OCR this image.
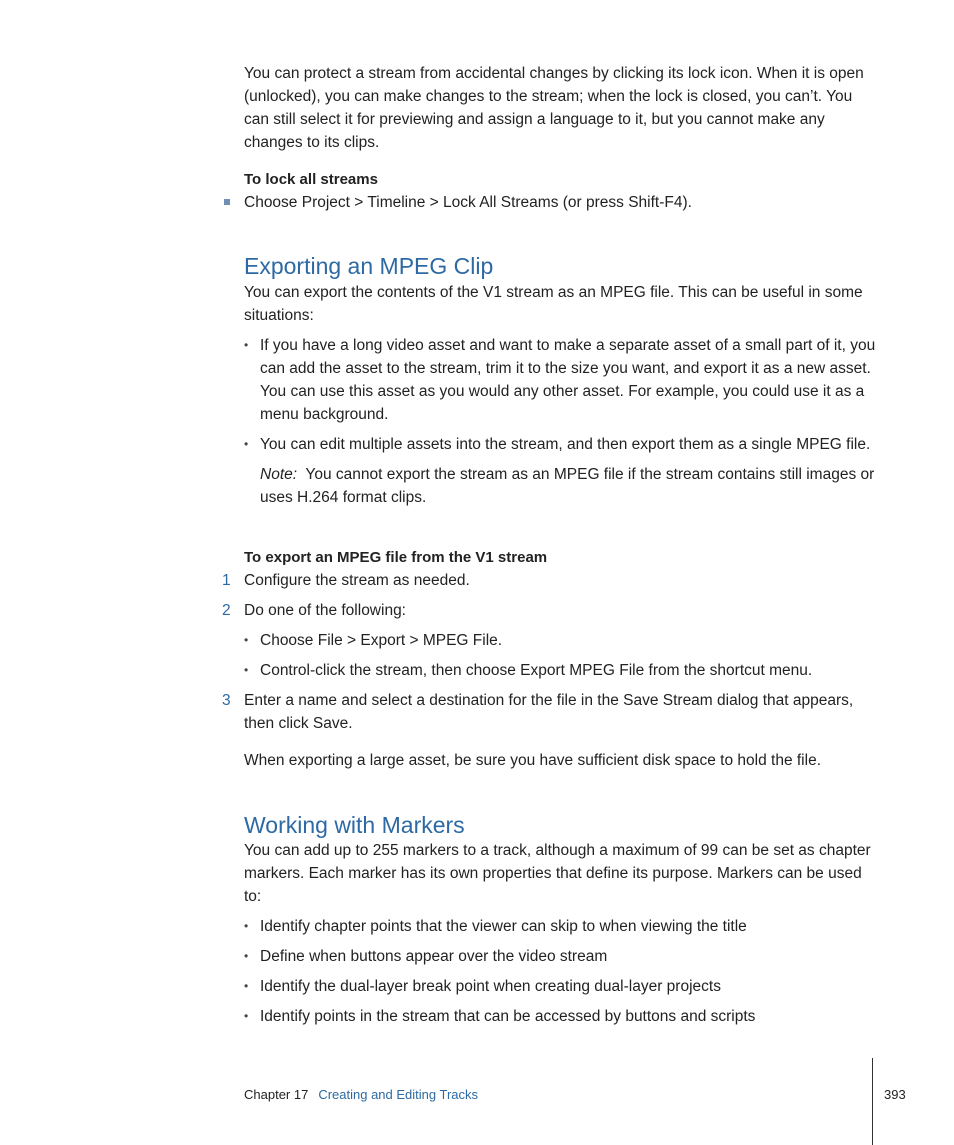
You can protect a stream from accidental changes by clicking its lock icon. When it is open (unlocked), you can make changes to the stream; when the lock is closed, you can’t. You can still select it for previewing and assign a language to it, but you cannot make any changes to its clips.

To lock all streams

Choose Project > Timeline > Lock All Streams (or press Shift-F4).

Exporting an MPEG Clip

You can export the contents of the V1 stream as an MPEG file. This can be useful in some situations:

• If you have a long video asset and want to make a separate asset of a small part of it, you can add the asset to the stream, trim it to the size you want, and export it as a new asset. You can use this asset as you would any other asset. For example, you could use it as a menu background.
• You can edit multiple assets into the stream, and then export them as a single MPEG file.

Note: You cannot export the stream as an MPEG file if the stream contains still images or uses H.264 format clips.

To export an MPEG file from the V1 stream

1 Configure the stream as needed.

2 Do one of the following:

• Choose File > Export > MPEG File.
• Control-click the stream, then choose Export MPEG File from the shortcut menu.
3 Enter a name and select a destination for the file in the Save Stream dialog that appears, then click Save.

When exporting a large asset, be sure you have sufficient disk space to hold the file.

Working with Markers

You can add up to 255 markers to a track, although a maximum of 99 can be set as chapter markers. Each marker has its own properties that define its purpose. Markers can be used to:

• Identify chapter points that the viewer can skip to when viewing the title
• Define when buttons appear over the video stream
• Identify the dual-layer break point when creating dual-layer projects
• Identify points in the stream that can be accessed by buttons and scripts
Chapter 17 Creating and Editing Tracks	393
